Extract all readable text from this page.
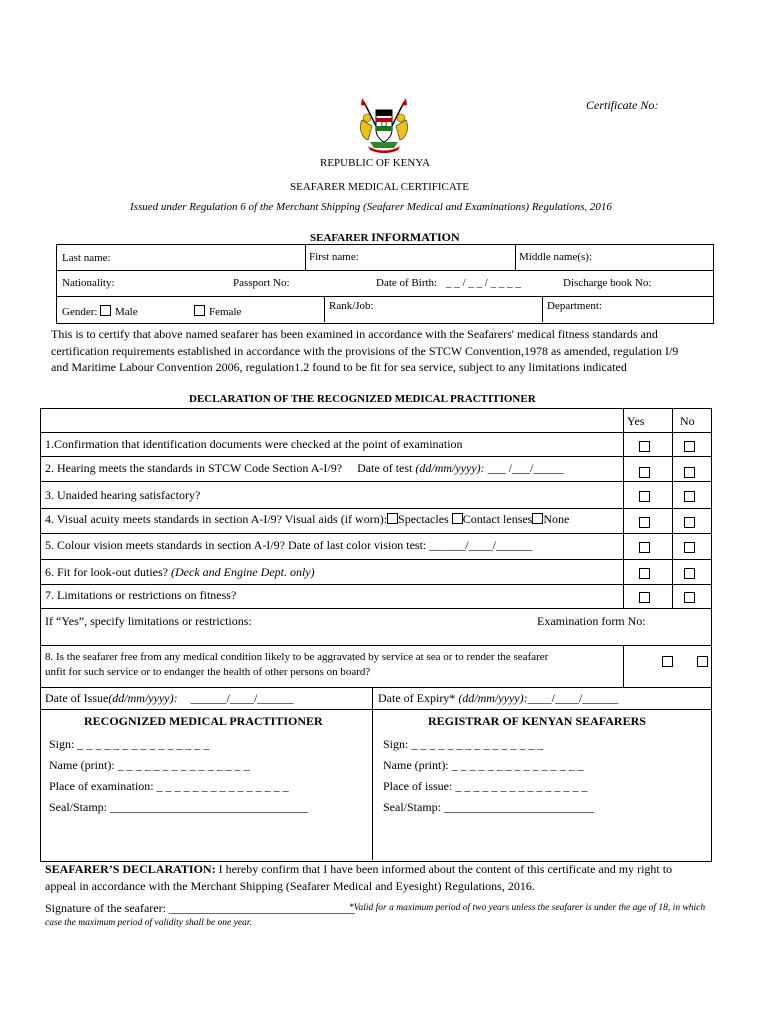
Certificate No:
REPUBLIC OF KENYA
SEAFARER MEDICAL CERTIFICATE
Issued under Regulation 6 of the Merchant Shipping (Seafarer Medical and Examinations) Regulations, 2016
SEAFARER INFORMATION
Last name:	First name:	Middle name(s):
Nationality:	Passport No:	Date of Birth: _ _ / _ _ / _ _ _ _	Discharge book No:
Gender: Male	Female	Rank/Job:	Department:
This is to certify that above named seafarer has been examined in accordance with the Seafarers' medical fitness standards and
certification requirements established in accordance with the provisions of the STCW Convention,1978 as amended, regulation I/9
and Maritime Labour Convention 2006, regulation1.2 found to be fit for sea service, subject to any limitations indicated
DECLARATION OF THE RECOGNIZED MEDICAL PRACTITIONER
Yes	No
1.Confirmation that identification documents were checked at the point of examination
2. Hearing meets the standards in STCW Code Section A-I/9? Date of test (dd/mm/yyyy): ___ /___/_____
3. Unaided hearing satisfactory?
4. Visual acuity meets standards in section A-I/9? Visual aids (if worn): Spectacles Contact lenses None
5. Colour vision meets standards in section A-I/9? Date of last color vision test: ______/____/______
6. Fit for look-out duties? (Deck and Engine Dept. only)
7. Limitations or restrictions on fitness?
If “Yes”, specify limitations or restrictions:	Examination form No:
8. Is the seafarer free from any medical condition likely to be aggravated by service at sea or to render the seafarer
unfit for such service or to endanger the health of other persons on board?
Date of Issue(dd/mm/yyyy): ______/____/______	Date of Expiry* (dd/mm/yyyy):____/____/______
RECOGNIZED MEDICAL PRACTITIONER	REGISTRAR OF KENYAN SEAFARERS
Sign: _ _ _ _ _ _ _ _ _ _ _ _ _ _ _
Name (print): _ _ _ _ _ _ _ _ _ _ _ _ _ _ _
Place of examination: _ _ _ _ _ _ _ _ _ _ _ _ _ _ _
Seal/Stamp: _________________________________
Sign: _ _ _ _ _ _ _ _ _ _ _ _ _ _ _
Name (print): _ _ _ _ _ _ _ _ _ _ _ _ _ _ _
Place of issue: _ _ _ _ _ _ _ _ _ _ _ _ _ _ _
Seal/Stamp: _________________________
SEAFARER’S DECLARATION: I hereby confirm that I have been informed about the content of this certificate and my right to
appeal in accordance with the Merchant Shipping (Seafarer Medical and Eyesight) Regulations, 2016.
Signature of the seafarer: _______________________________
*Valid for a maximum period of two years unless the seafarer is under the age of 18, in which
case the maximum period of validity shall be one year.
